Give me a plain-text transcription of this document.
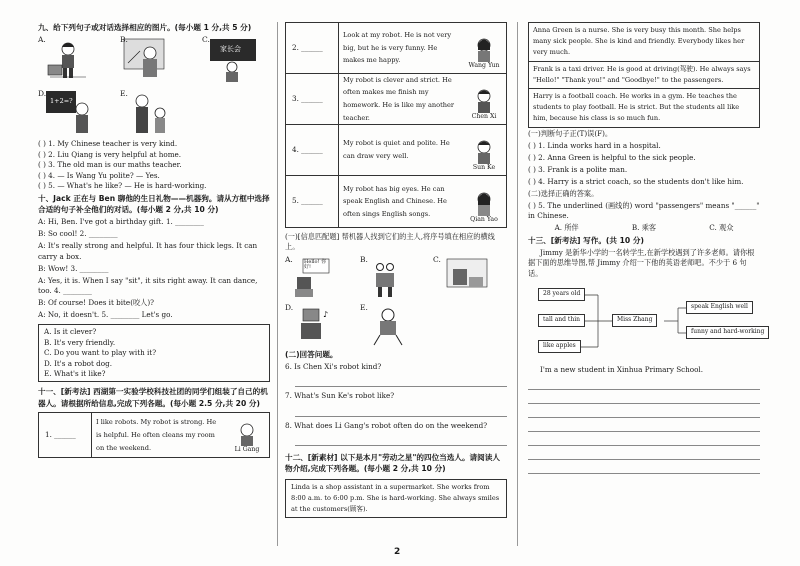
九、给下列句子或对话选择相应的图片。(每小题 1 分,共 5 分)
A.	B.	C.
家长会
D.
1+2=?
E.
( ) 1. My Chinese teacher is very kind.
( ) 2. Liu Qiang is very helpful at home.
( ) 3. The old man is our maths teacher.
( ) 4. — Is Wang Yu polite? — Yes.
( ) 5. — What's he like? — He is hard-working.
十、Jack 正在与 Ben 聊他的生日礼物——机器狗。请从方框中选择合适的句子补全他们的对话。(每小题 2 分,共 10 分)
A: Hi, Ben. I've got a birthday gift. 1. ________
B: So cool! 2. ________
A: It's really strong and helpful. It has four thick legs. It can carry a box.
B: Wow! 3. ________
A: Yes, it is. When I say "sit", it sits right away. It can dance, too. 4. ________
B: Of course! Does it bite(咬人)?
A: No, it doesn't. 5. ________ Let's go.
A. Is it clever?
B. It's very friendly.
C. Do you want to play with it?
D. It's a robot dog.
E. What's it like?
十一、[新考法] 西湖第一实验学校科技社团的同学们组装了自己的机器人。请根据所给信息,完成下列各题。(每小题 2.5 分,共 20 分)
1. ______
I like robots. My robot is strong. He is helpful. He often cleans my room on the weekend.	Li Gang
2. ______
Look at my robot. He is not very big, but he is very funny. He makes me happy.
Wang Yun
3. ______
My robot is clever and strict. He often makes me finish my homework. He is like my another teacher.	Chen Xi
4. ______
My robot is quiet and polite. He can draw very well.
Sun Ke
5. ______
My robot has big eyes. He can speak English and Chinese. He often sings English songs.
Qian Yao
(一)[信息匹配题] 帮机器人找到它们的主人,将序号填在相应的横线上。
A. Hello! 你好!
B.	C.
D.
♪
E.
(二)回答问题。
6. Is Chen Xi's robot kind?
7. What's Sun Ke's robot like?
8. What does Li Gang's robot often do on the weekend?
十二、[新素材] 以下是本月"劳动之星"的四位当选人。请阅读人物介绍,完成下列各题。(每小题 2 分,共 10 分)
Linda is a shop assistant in a supermarket. She works from 8:00 a.m. to 6:00 p.m. She is hard-working. She always smiles at the customers(顾客).
Anna Green is a nurse. She is very busy this month. She helps many sick people. She is kind and friendly. Everybody likes her very much.
Frank is a taxi driver. He is good at driving(驾驶). He always says "Hello!" "Thank you!" and "Goodbye!" to the passengers.
Harry is a football coach. He works in a gym. He teaches the students to play football. He is strict. But the students all like him, because his class is so much fun.
(一)判断句子正(T)误(F)。
( ) 1. Linda works hard in a hospital.
( ) 2. Anna Green is helpful to the sick people.
( ) 3. Frank is a polite man.
( ) 4. Harry is a strict coach, so the students don't like him.
(二)选择正确的答案。
( ) 5. The underlined (画线的) word "passengers" means "______" in Chinese.
A. 所伴	B. 乘客	C. 观众
十三、[新考法] 写作。(共 10 分)
Jimmy 是新华小学的一名转学生,在新学校遇到了许多老师。请你根据下面的思维导图,帮 Jimmy 介绍一下他的英语老师吧。不少于 6 句话。
28 years old
tall and thin
like apples
Miss Zhang
speak English well
funny and hard-working
I'm a new student in Xinhua Primary School.
2
